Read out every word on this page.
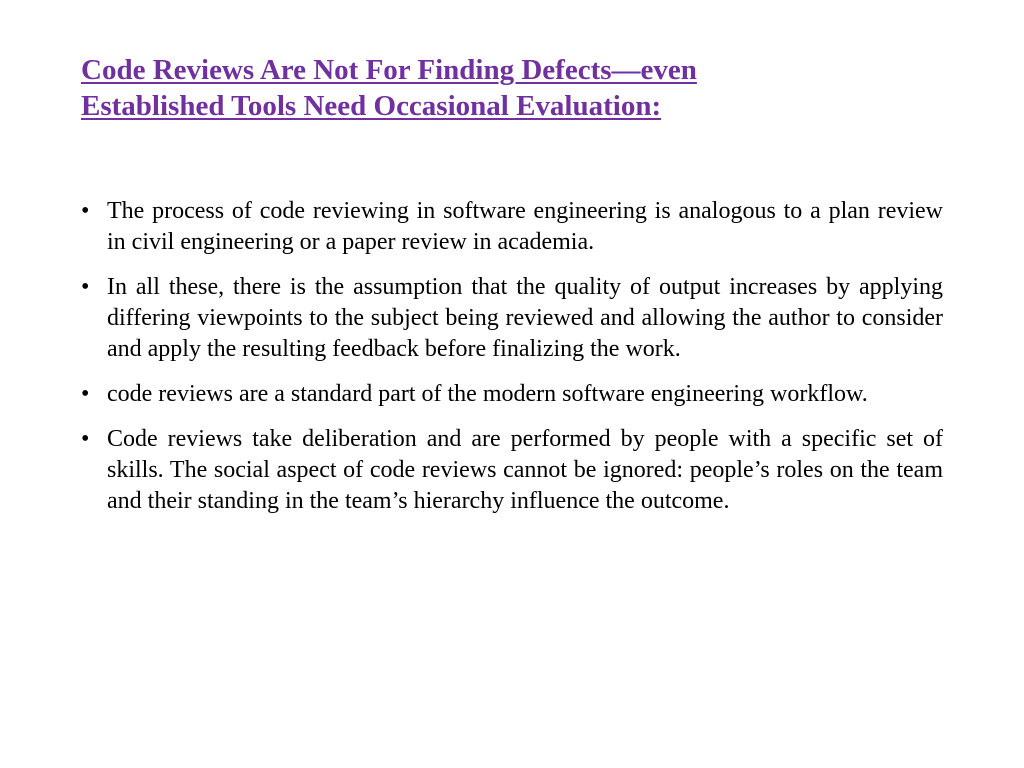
Code Reviews Are Not For Finding Defects—even
Established Tools Need Occasional Evaluation:
• The process of code reviewing in software engineering is analogous to a plan review in civil engineering or a paper review in academia.
• In all these, there is the assumption that the quality of output increases by applying differing viewpoints to the subject being reviewed and allowing the author to consider and apply the resulting feedback before finalizing the work.
• code reviews are a standard part of the modern software engineering workflow.
• Code reviews take deliberation and are performed by people with a specific set of skills. The social aspect of code reviews cannot be ignored: people’s roles on the team and their standing in the team’s hierarchy influence the outcome.
